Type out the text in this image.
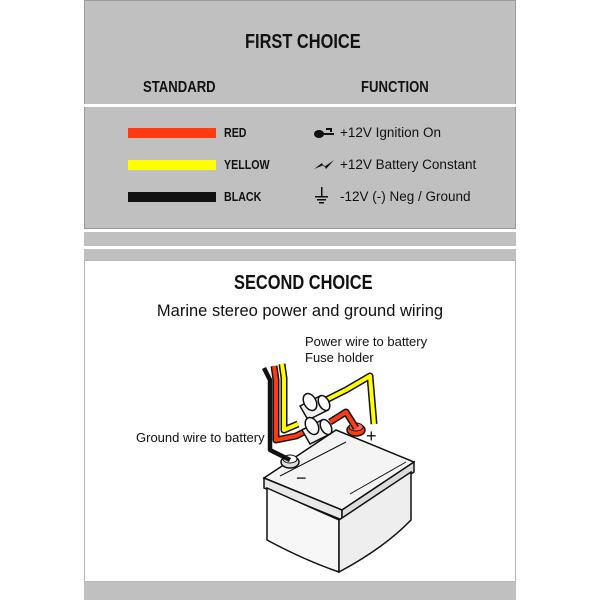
FIRST CHOICE
STANDARD	FUNCTION
RED	+12V Ignition On
YELLOW	+12V Battery Constant
BLACK	-12V (-) Neg / Ground
SECOND CHOICE
Marine stereo power and ground wiring
+
−
Power wire to battery
Fuse holder
Ground wire to battery
